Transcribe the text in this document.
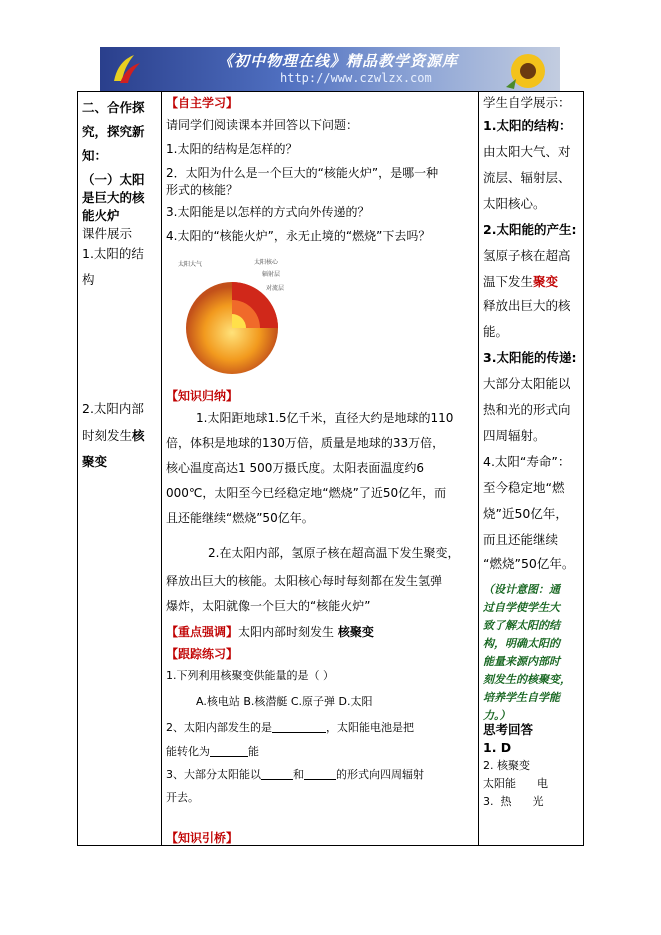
《初中物理在线》精品教学资源库
http://www.czwlzx.com
二、合作探
究，探究新
知：
（一）太阳
是巨大的核
能火炉
课件展示
1.太阳的结
构
2.太阳内部
时刻发生核
聚变
【自主学习】
请同学们阅读课本并回答以下问题：
1.太阳的结构是怎样的？
2．太阳为什么是一个巨大的“核能火炉”，是哪一种
形式的核能？
3.太阳能是以怎样的方式向外传递的？
4.太阳的“核能火炉”，永无止境的“燃烧”下去吗？
太阳大气	太阳核心
辐射层
对流层
【知识归纳】
1.太阳距地球1.5亿千米，直径大约是地球的110
倍，体积是地球的130万倍，质量是地球的33万倍，
核心温度高达1 500万摄氏度。太阳表面温度约6
000℃，太阳至今已经稳定地“燃烧”了近50亿年，而
且还能继续“燃烧”50亿年。
2.在太阳内部，氢原子核在超高温下发生聚变，
释放出巨大的核能。太阳核心每时每刻都在发生氢弹
爆炸，太阳就像一个巨大的“核能火炉”
【重点强调】太阳内部时刻发生 核聚变
【跟踪练习】
1.下列利用核聚变供能量的是（ ）
A.核电站 B.核潜艇 C.原子弹 D.太阳
2、太阳内部发生的是	，太阳能电池是把
能转化为	能
3、大部分太阳能以	和	的形式向四周辐射
开去。
【知识引桥】
学生自学展示：
1.太阳的结构：
由太阳大气、对
流层、辐射层、
太阳核心。
2.太阳能的产生:
氢原子核在超高
温下发生聚变
释放出巨大的核
能。
3.太阳能的传递:
大部分太阳能以
热和光的形式向
四周辐射。
4.太阳“寿命”：
至今稳定地“燃
烧”近50亿年，
而且还能继续
“燃烧”50亿年。
（设计意图：通
过自学使学生大
致了解太阳的结
构，明确太阳的
能量来源内部时
刻发生的核聚变，
培养学生自学能
力。）
思考回答
1. D
2. 核聚变
太阳能      电
3.  热      光
